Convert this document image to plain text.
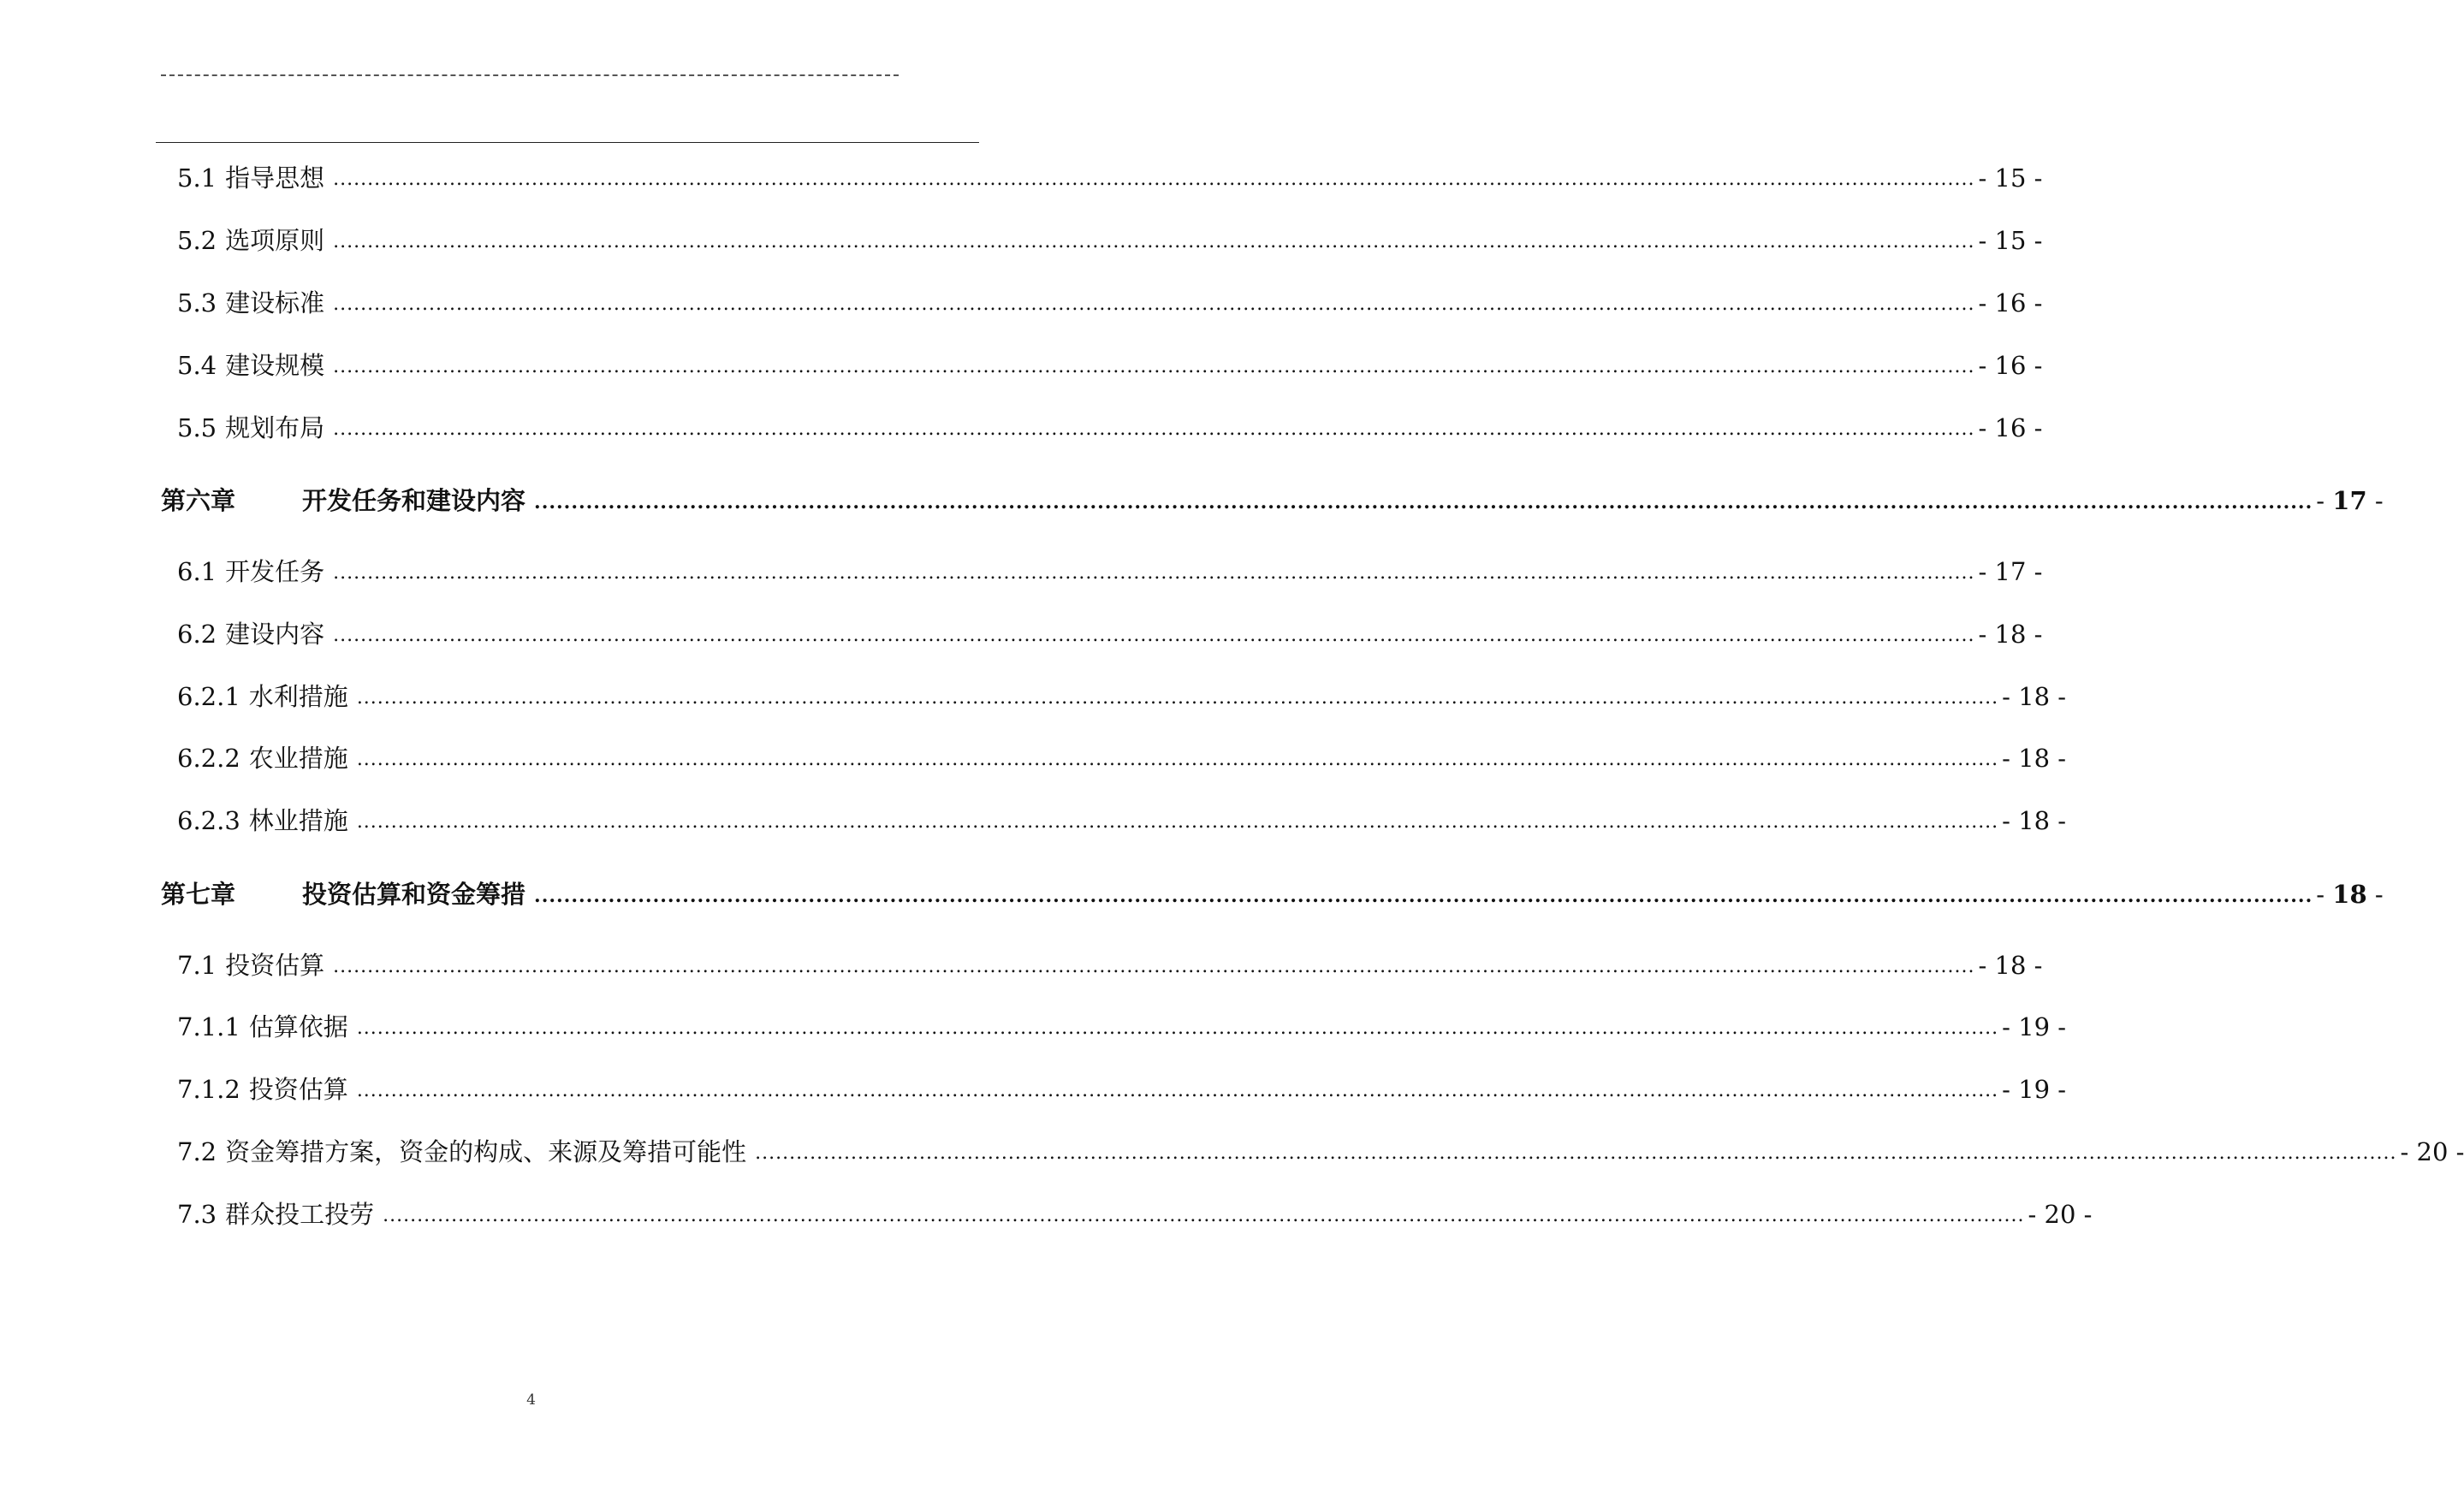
5.1 指导思想 .....	- 15 -
5.2 选项原则 .....	- 15 -
5.3 建设标准 .....	- 16 -
5.4 建设规模 .....	- 16 -
5.5 规划布局 .....	- 16 -
第六章	开发任务和建设内容 .....	- 17 -
6.1 开发任务 .....	- 17 -
6.2 建设内容 .....	- 18 -
6.2.1 水利措施 .....	- 18 -
6.2.2 农业措施 .....	- 18 -
6.2.3 林业措施 .....	- 18 -
第七章	投资估算和资金筹措 .....	- 18 -
7.1 投资估算 .....	- 18 -
7.1.1 估算依据 .....	- 19 -
7.1.2 投资估算 .....	- 19 -
7.2 资金筹措方案，资金的构成、来源及筹措可能性 .....	- 20 -
7.3 群众投工投劳 .....	- 20 -
4
